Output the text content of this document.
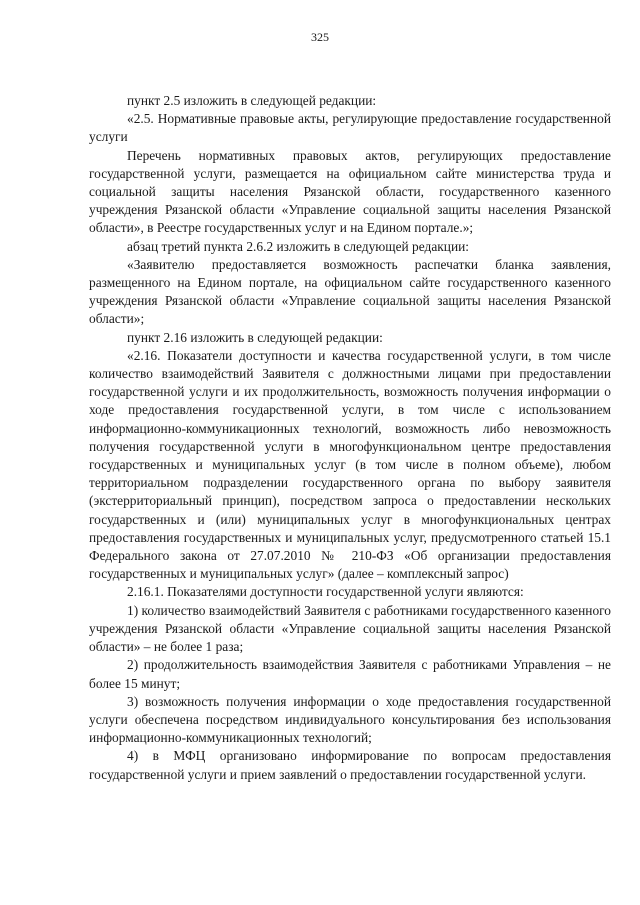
325

пункт 2.5 изложить в следующей редакции:

«2.5. Нормативные правовые акты, регулирующие предоставление государственной услуги

Перечень нормативных правовых актов, регулирующих предоставление государственной услуги, размещается на официальном сайте министерства труда и социальной защиты населения Рязанской области, государственного казенного учреждения Рязанской области «Управление социальной защиты населения Рязанской области», в Реестре государственных услуг и на Едином портале.»;

абзац третий пункта 2.6.2 изложить в следующей редакции:

«Заявителю предоставляется возможность распечатки бланка заявления, размещенного на Едином портале, на официальном сайте государственного казенного учреждения Рязанской области «Управление социальной защиты населения Рязанской области»;

пункт 2.16 изложить в следующей редакции:

«2.16. Показатели доступности и качества государственной услуги, в том числе количество взаимодействий Заявителя с должностными лицами при предоставлении государственной услуги и их продолжительность, возможность получения информации о ходе предоставления государственной услуги, в том числе с использованием информационно-коммуникационных технологий, возможность либо невозможность получения государственной услуги в многофункциональном центре предоставления государственных и муниципальных услуг (в том числе в полном объеме), любом территориальном подразделении государственного органа по выбору заявителя (экстерриториальный принцип), посредством запроса о предоставлении нескольких государственных и (или) муниципальных услуг в многофункциональных центрах предоставления государственных и муниципальных услуг, предусмотренного статьей 15.1 Федерального закона от 27.07.2010 № 210-ФЗ «Об организации предоставления государственных и муниципальных услуг» (далее – комплексный запрос)

2.16.1. Показателями доступности государственной услуги являются:

1) количество взаимодействий Заявителя с работниками государственного казенного учреждения Рязанской области «Управление социальной защиты населения Рязанской области» – не более 1 раза;

2) продолжительность взаимодействия Заявителя с работниками Управления – не более 15 минут;

3) возможность получения информации о ходе предоставления государственной услуги обеспечена посредством индивидуального консультирования без использования информационно-коммуникационных технологий;

4) в МФЦ организовано информирование по вопросам предоставления государственной услуги и прием заявлений о предоставлении государственной услуги.
